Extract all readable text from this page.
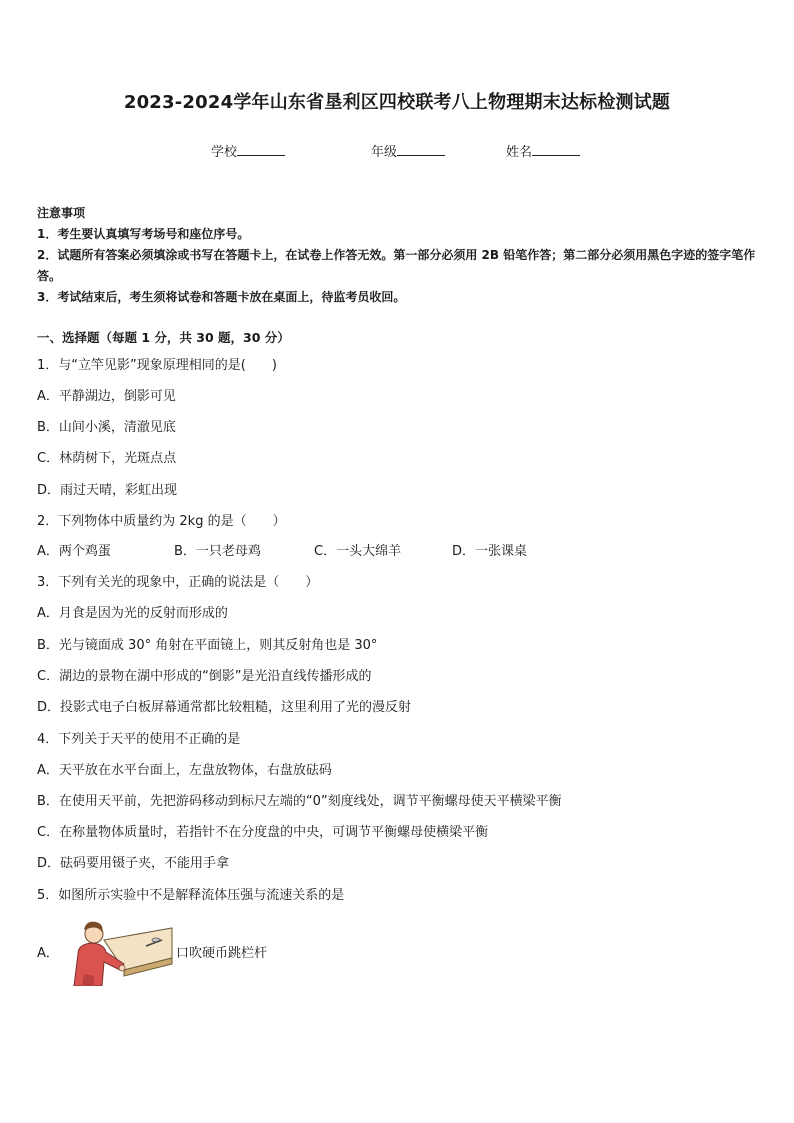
2023-2024学年山东省垦利区四校联考八上物理期末达标检测试题
学校	年级	姓名
注意事项
1．考生要认真填写考场号和座位序号。
2．试题所有答案必须填涂或书写在答题卡上，在试卷上作答无效。第一部分必须用 2B 铅笔作答；第二部分必须用黑色字迹的签字笔作答。
3．考试结束后，考生须将试卷和答题卡放在桌面上，待监考员收回。
一、选择题（每题 1 分，共 30 题，30 分）
1．与“立竿见影”现象原理相同的是(　　)
A．平静湖边，倒影可见
B．山间小溪，清澈见底
C．林荫树下，光斑点点
D．雨过天晴，彩虹出现
2．下列物体中质量约为 2kg 的是（　　）
A．两个鸡蛋	B．一只老母鸡	C．一头大绵羊	D．一张课桌
3．下列有关光的现象中，正确的说法是（　　）
A．月食是因为光的反射而形成的
B．光与镜面成 30° 角射在平面镜上，则其反射角也是 30°
C．湖边的景物在湖中形成的“倒影”是光沿直线传播形成的
D．投影式电子白板屏幕通常都比较粗糙，这里利用了光的漫反射
4．下列关于天平的使用不正确的是
A．天平放在水平台面上，左盘放物体，右盘放砝码
B．在使用天平前，先把游码移动到标尺左端的“0”刻度线处，调节平衡螺母使天平横梁平衡
C．在称量物体质量时，若指针不在分度盘的中央，可调节平衡螺母使横梁平衡
D．砝码要用镊子夹，不能用手拿
5．如图所示实验中不是解释流体压强与流速关系的是
A．	口吹硬币跳栏杆
